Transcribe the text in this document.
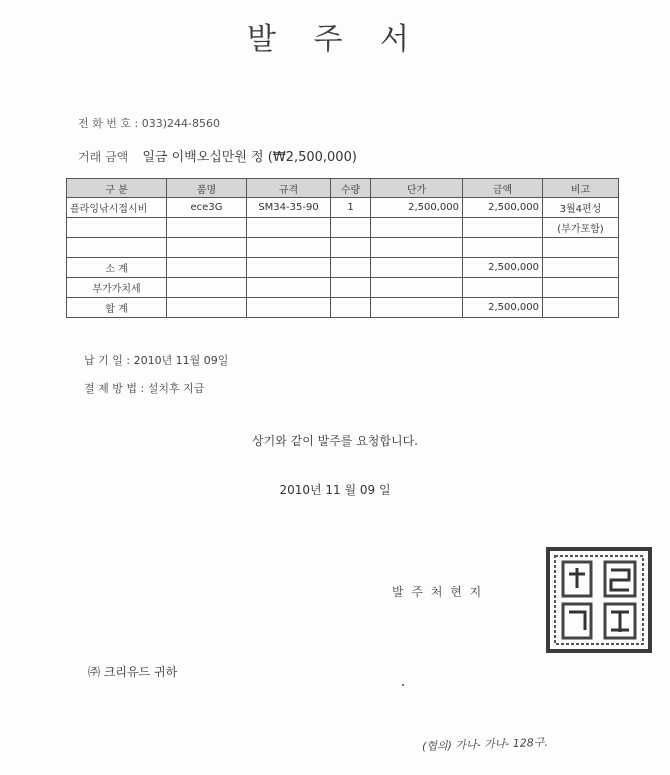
발 주 서
전 화 번 호 : 033)244-8560
거래 금액 일금 이백오십만원 정 (₩2,500,000)
구 분	품명	규격	수량	단가	금액	비고
플라잉낚시접시비	ece3G	SM34-35-90	1	2,500,000	2,500,000	3월4편성
						(부가포함)

소 계					2,500,000	
부가가치세						
합 계					2,500,000	
납 기 일 : 2010년 11월 09일
결 제 방 법 : 설치후 지급
상기와 같이 발주를 요청합니다.
2010년 11 월 09 일
발 주 처 현 지
㈜ 크리유드 귀하
(협의) 가나- 가나- 128구.
